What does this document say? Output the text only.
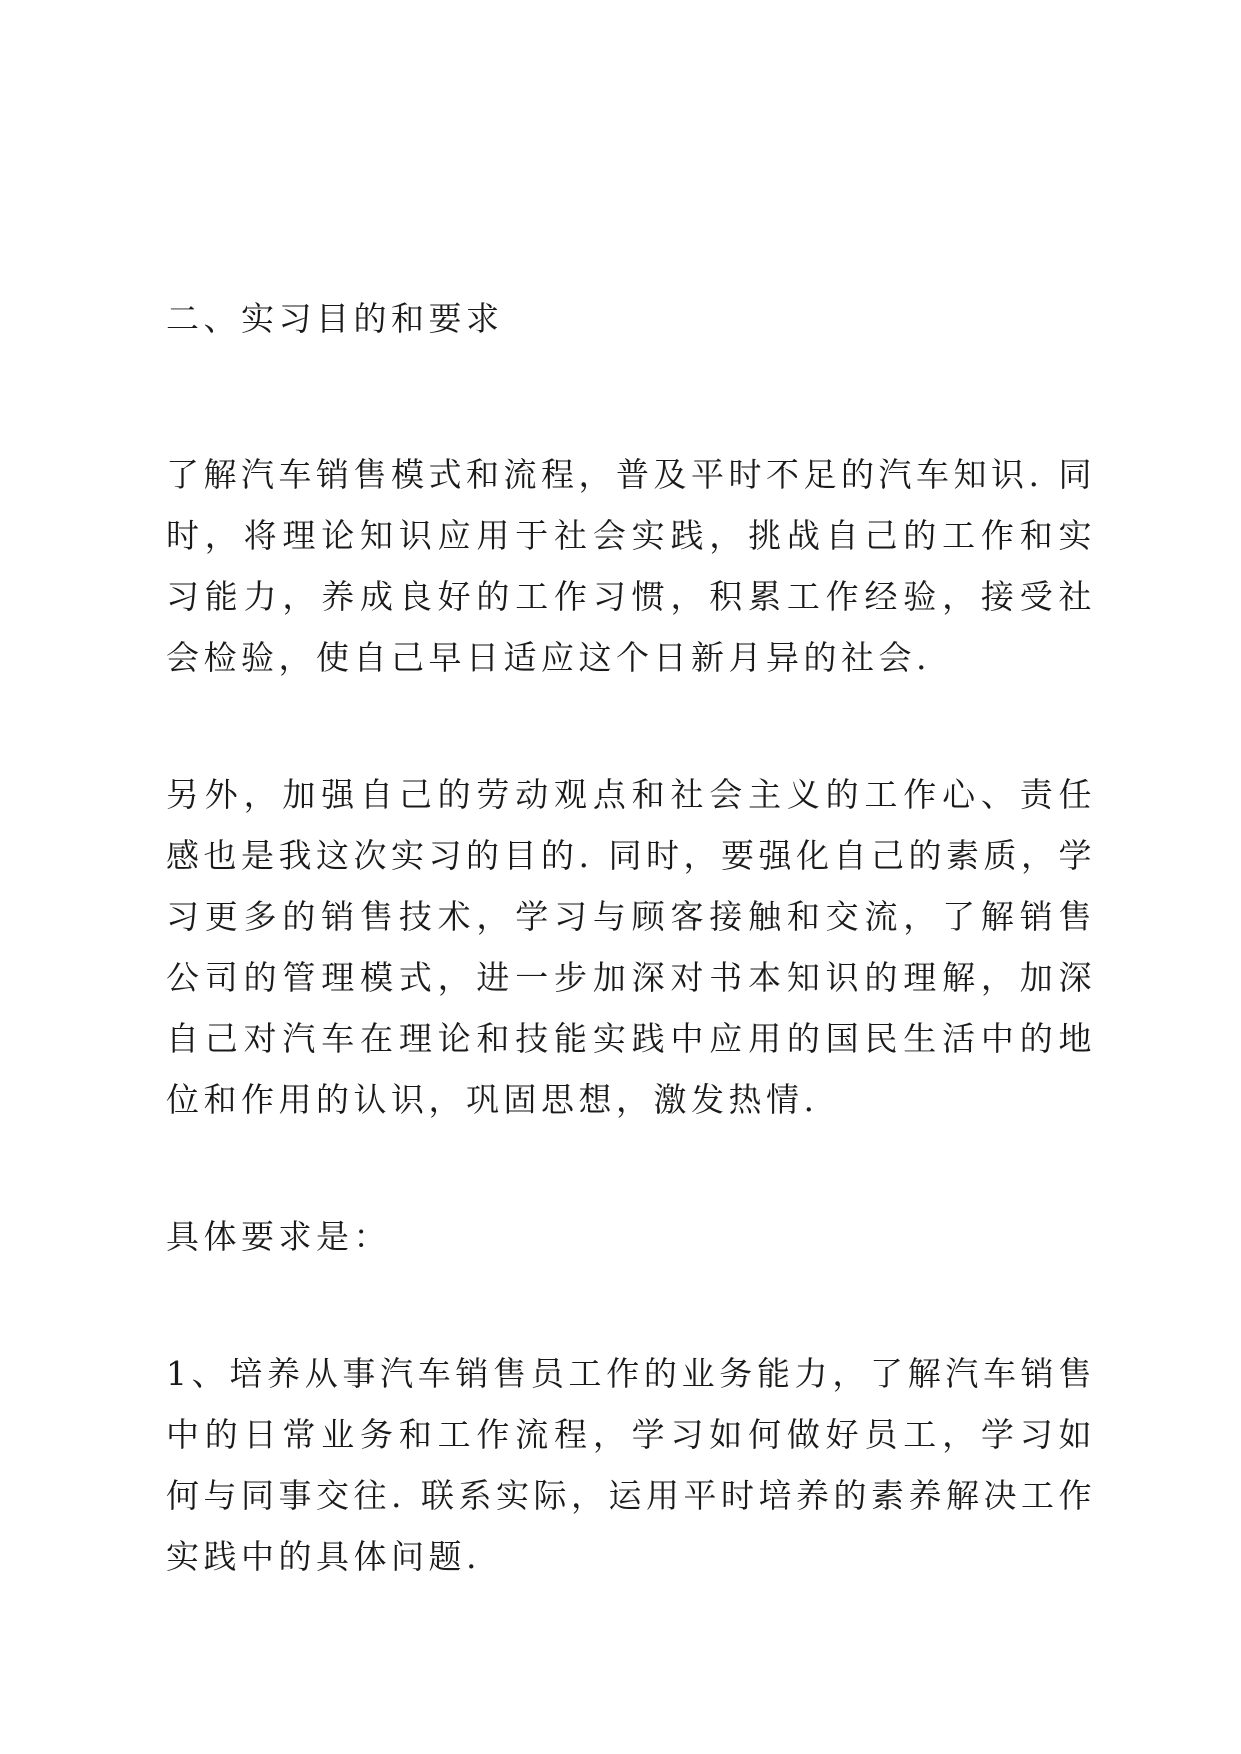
二、实习目的和要求

了解汽车销售模式和流程，普及平时不足的汽车知识. 同时，将理论知识应用于社会实践，挑战自己的工作和实习能力，养成良好的工作习惯，积累工作经验，接受社会检验，使自己早日适应这个日新月异的社会.

另外，加强自己的劳动观点和社会主义的工作心、责任感也是我这次实习的目的. 同时，要强化自己的素质，学习更多的销售技术，学习与顾客接触和交流，了解销售公司的管理模式，进一步加深对书本知识的理解，加深自己对汽车在理论和技能实践中应用的国民生活中的地位和作用的认识，巩固思想，激发热情.

具体要求是：

1、培养从事汽车销售员工作的业务能力，了解汽车销售中的日常业务和工作流程，学习如何做好员工，学习如何与同事交往. 联系实际，运用平时培养的素养解决工作实践中的具体问题.
